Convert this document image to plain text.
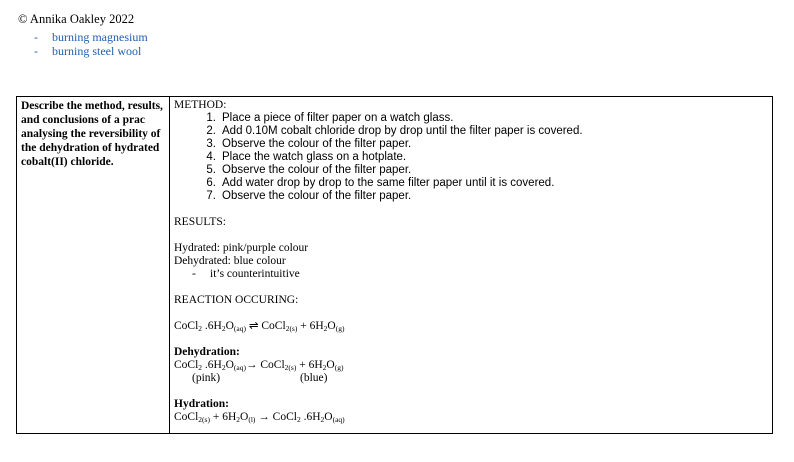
© Annika Oakley 2022
-	burning magnesium
-	burning steel wool
Describe the method, results, and conclusions of a prac analysing the reversibility of the dehydration of hydrated cobalt(II) chloride.
METHOD:
1. Place a piece of filter paper on a watch glass.
2. Add 0.10M cobalt chloride drop by drop until the filter paper is covered.
3. Observe the colour of the filter paper.
4. Place the watch glass on a hotplate.
5. Observe the colour of the filter paper.
6. Add water drop by drop to the same filter paper until it is covered.
7. Observe the colour of the filter paper.
RESULTS:
Hydrated: pink/purple colour
Dehydrated: blue colour
-	it’s counterintuitive
REACTION OCCURING:
CoCl$_2$ $.6H_2O_{(aq)}$ ⇌ CoCl$_{2(s)}$ + $6H_2O_{(g)}$
Dehydration:
CoCl$_2$ $.6H_2O_{(aq)}\to$ CoCl$_{2(s)}$ + $6H_2O_{(g)}$
(pink)	(blue)
Hydration:
CoCl$_{2(s)}$ + $6H_2O_{(l)}$ → CoCl$_2$ $.6H_2O_{(aq)}$
